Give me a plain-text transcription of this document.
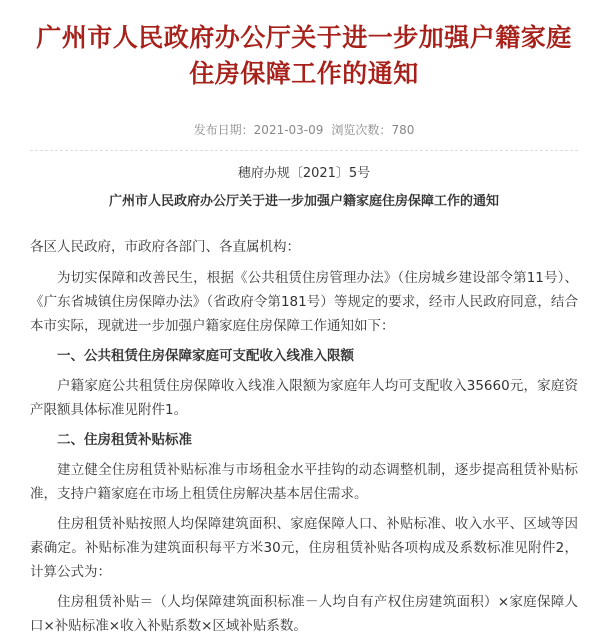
广州市人民政府办公厅关于进一步加强户籍家庭住房保障工作的通知
发布日期：2021-03-09 浏览次数：780
穗府办规〔2021〕5号
广州市人民政府办公厅关于进一步加强户籍家庭住房保障工作的通知

各区人民政府，市政府各部门、各直属机构：

为切实保障和改善民生，根据《公共租赁住房管理办法》（住房城乡建设部令第11号）、《广东省城镇住房保障办法》（省政府令第181号）等规定的要求，经市人民政府同意，结合本市实际，现就进一步加强户籍家庭住房保障工作通知如下：

一、公共租赁住房保障家庭可支配收入线准入限额

户籍家庭公共租赁住房保障收入线准入限额为家庭年人均可支配收入35660元，家庭资产限额具体标准见附件1。

二、住房租赁补贴标准

建立健全住房租赁补贴标准与市场租金水平挂钩的动态调整机制，逐步提高租赁补贴标准，支持户籍家庭在市场上租赁住房解决基本居住需求。

住房租赁补贴按照人均保障建筑面积、家庭保障人口、补贴标准、收入水平、区域等因素确定。补贴标准为建筑面积每平方米30元，住房租赁补贴各项构成及系数标准见附件2，计算公式为：

住房租赁补贴＝（人均保障建筑面积标准－人均自有产权住房建筑面积）×家庭保障人口×补贴标准×收入补贴系数×区域补贴系数。
